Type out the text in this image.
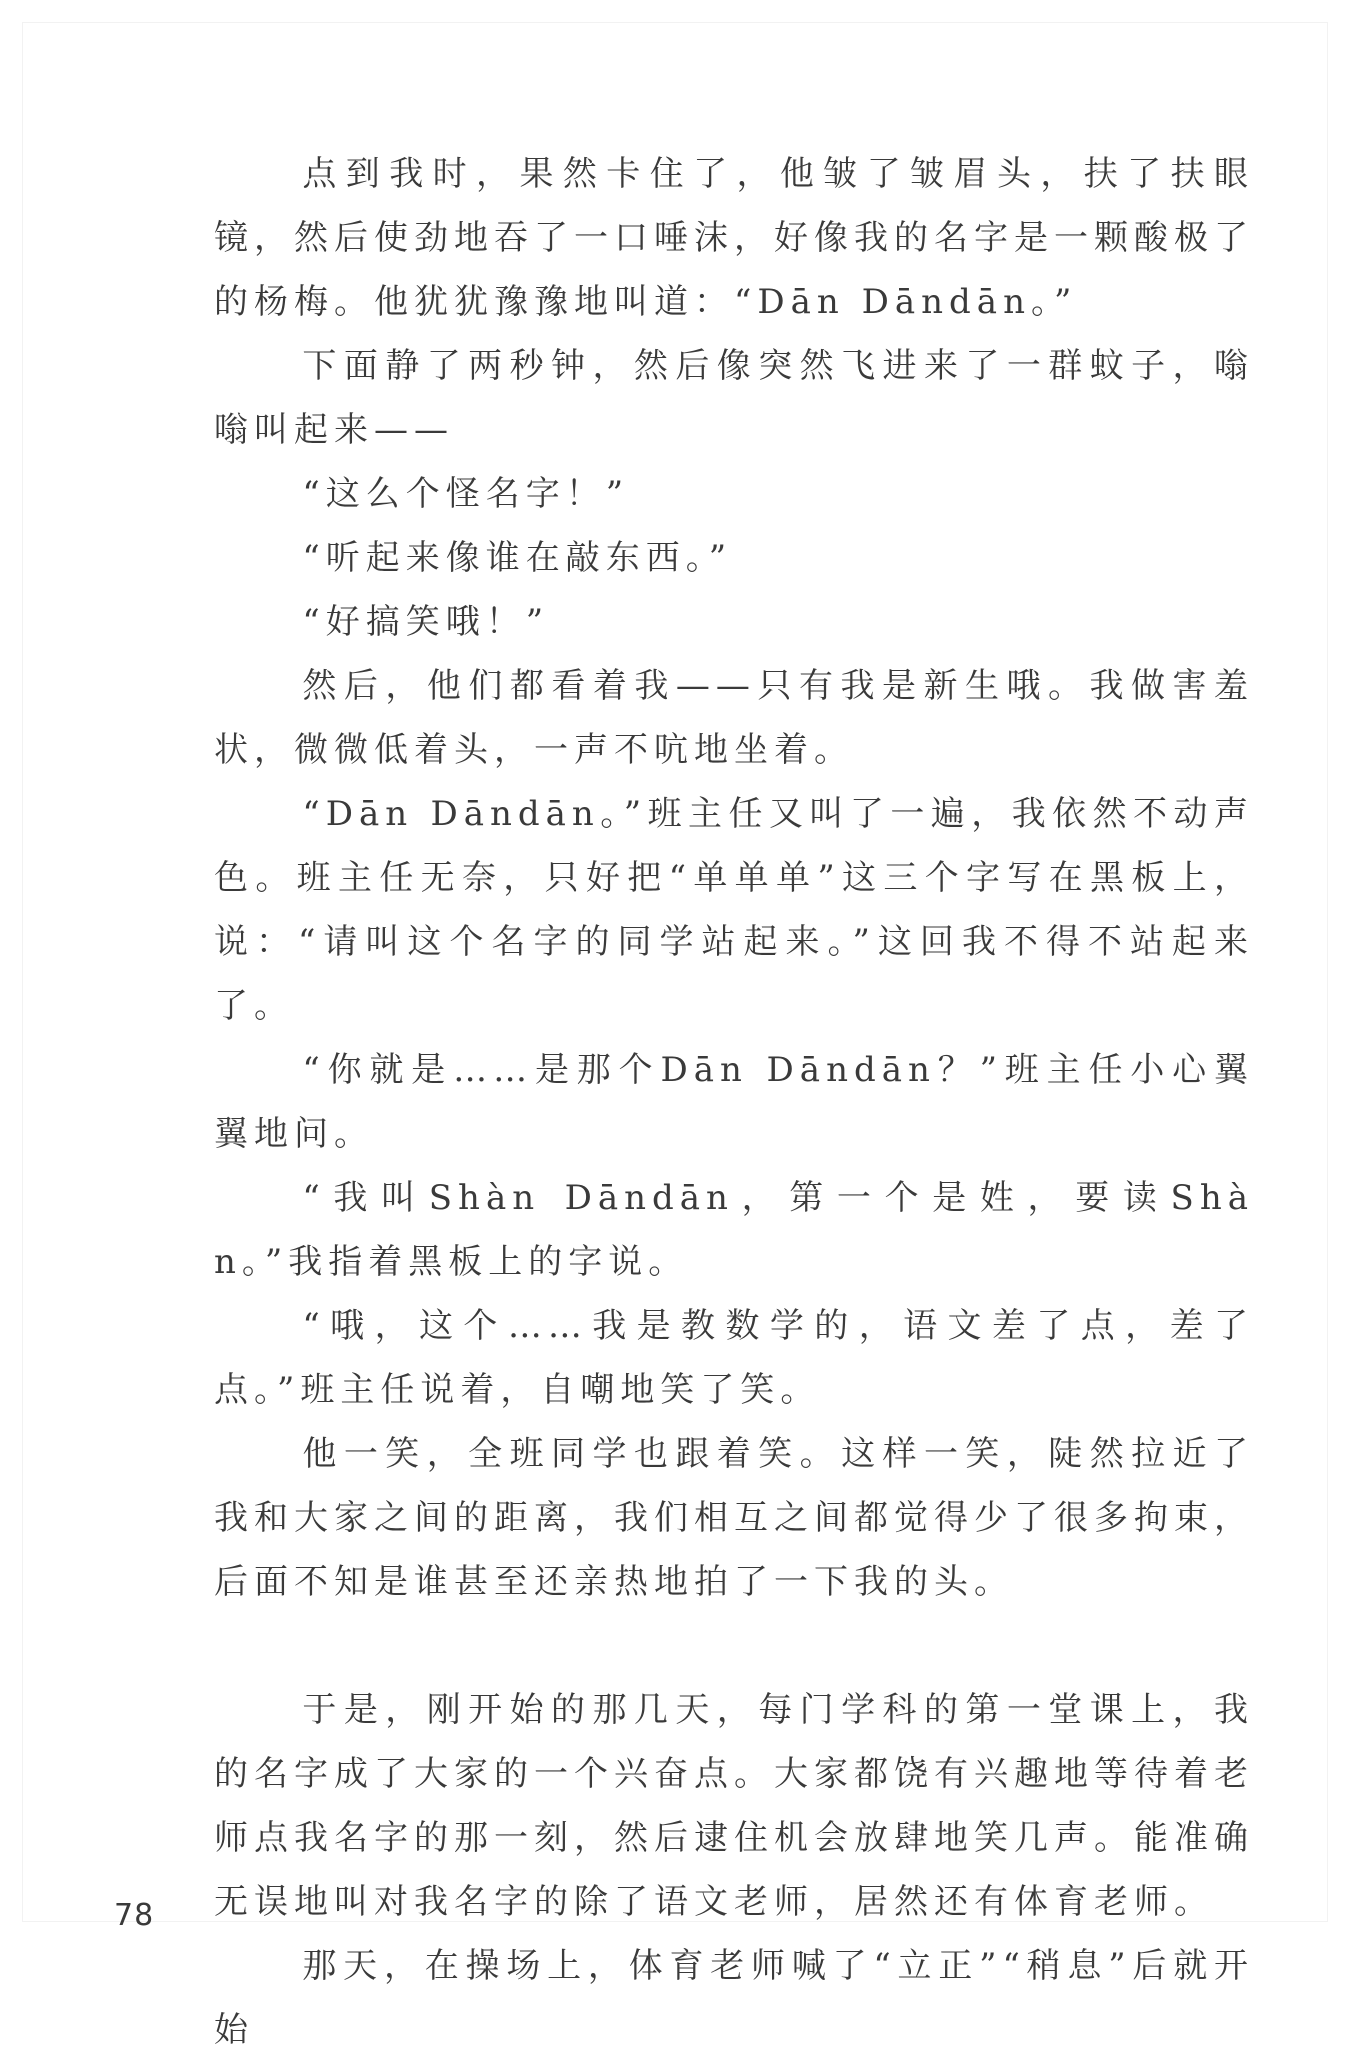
点到我时，果然卡住了，他皱了皱眉头，扶了扶眼镜，然后使劲地吞了一口唾沫，好像我的名字是一颗酸极了的杨梅。他犹犹豫豫地叫道：“Dān Dāndān。”

下面静了两秒钟，然后像突然飞进来了一群蚊子，嗡嗡叫起来——

“这么个怪名字！”

“听起来像谁在敲东西。”

“好搞笑哦！”

然后，他们都看着我——只有我是新生哦。我做害羞状，微微低着头，一声不吭地坐着。

“Dān Dāndān。”班主任又叫了一遍，我依然不动声色。班主任无奈，只好把“单单单”这三个字写在黑板上，说：“请叫这个名字的同学站起来。”这回我不得不站起来了。

“你就是……是那个Dān Dāndān？”班主任小心翼翼地问。

“我叫Shàn Dāndān，第一个是姓，要读Shàn。”我指着黑板上的字说。

“哦，这个……我是教数学的，语文差了点，差了点。”班主任说着，自嘲地笑了笑。

他一笑，全班同学也跟着笑。这样一笑，陡然拉近了我和大家之间的距离，我们相互之间都觉得少了很多拘束，后面不知是谁甚至还亲热地拍了一下我的头。

于是，刚开始的那几天，每门学科的第一堂课上，我的名字成了大家的一个兴奋点。大家都饶有兴趣地等待着老师点我名字的那一刻，然后逮住机会放肆地笑几声。能准确无误地叫对我名字的除了语文老师，居然还有体育老师。

那天，在操场上，体育老师喊了“立正”“稍息”后就开始

78
